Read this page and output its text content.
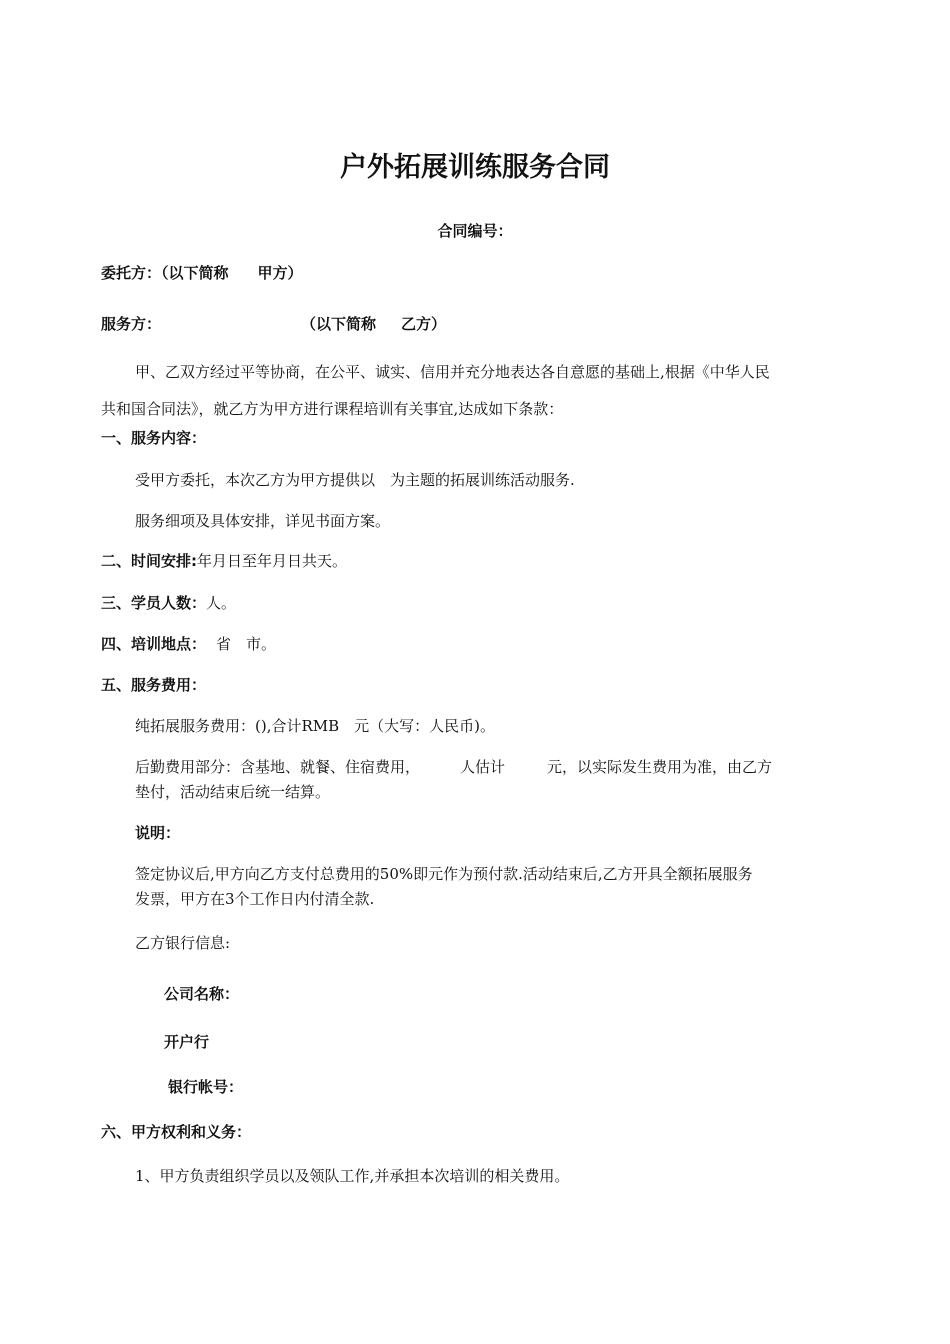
户外拓展训练服务合同
合同编号：
委托方：（以下简称 甲方）
服务方：	（以下简称 乙方）
甲、乙双方经过平等协商，在公平、诚实、信用并充分地表达各自意愿的基础上,根据《中华人民
共和国合同法》，就乙方为甲方进行课程培训有关事宜,达成如下条款：
一、服务内容：
受甲方委托，本次乙方为甲方提供以 为主题的拓展训练活动服务.
服务细项及具体安排，详见书面方案。
二、时间安排:年月日至年月日共天。
三、学员人数：人。
四、培训地点： 省 市。
五、服务费用：
纯拓展服务费用：(),合计RMB 元（大写：人民币)。
后勤费用部分：含基地、就餐、住宿费用，	人估计	元，以实际发生费用为准，由乙方
垫付，活动结束后统一结算。
说明：
签定协议后,甲方向乙方支付总费用的50%即元作为预付款.活动结束后,乙方开具全额拓展服务
发票，甲方在3个工作日内付清全款.
乙方银行信息:
公司名称：
开户行
银行帐号：
六、甲方权利和义务：
1、甲方负责组织学员以及领队工作,并承担本次培训的相关费用。
